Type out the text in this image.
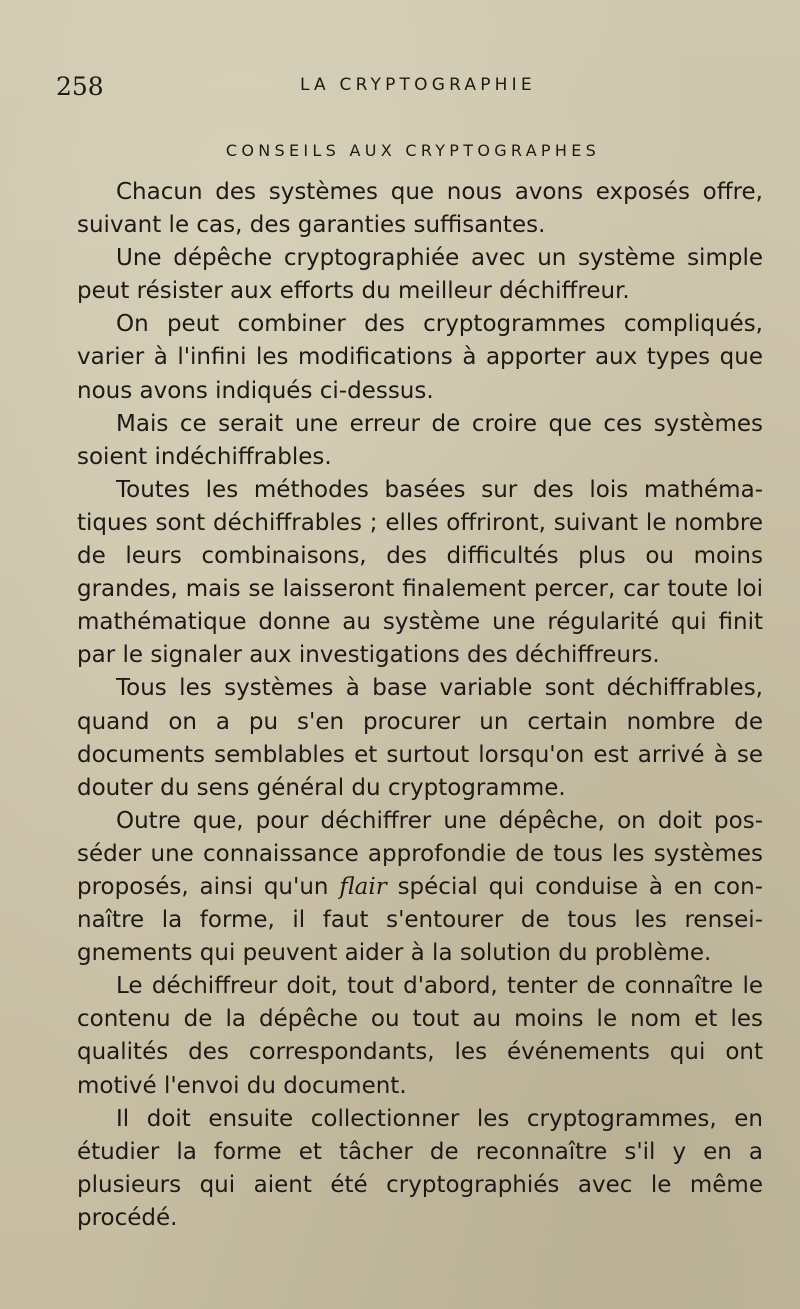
258	LA CRYPTOGRAPHIE
CONSEILS AUX CRYPTOGRAPHES

Chacun des systèmes que nous avons exposés offre, suivant le cas, des garanties suffisantes.

Une dépêche cryptographiée avec un système simple peut résister aux efforts du meilleur déchiffreur.

On peut combiner des cryptogrammes compliqués, varier à l'infini les modifications à apporter aux types que nous avons indiqués ci-dessus.

Mais ce serait une erreur de croire que ces systèmes soient indéchiffrables.

Toutes les méthodes basées sur des lois mathématiques sont déchiffrables ; elles offriront, suivant le nombre de leurs combinaisons, des difficultés plus ou moins grandes, mais se laisseront finalement percer, car toute loi mathématique donne au système une régularité qui finit par le signaler aux investigations des déchiffreurs.

Tous les systèmes à base variable sont déchiffrables, quand on a pu s'en procurer un certain nombre de documents semblables et surtout lorsqu'on est arrivé à se douter du sens général du cryptogramme.

Outre que, pour déchiffrer une dépêche, on doit posséder une connaissance approfondie de tous les systèmes proposés, ainsi qu'un flair spécial qui conduise à en connaître la forme, il faut s'entourer de tous les renseignements qui peuvent aider à la solution du problème.

Le déchiffreur doit, tout d'abord, tenter de connaître le contenu de la dépêche ou tout au moins le nom et les qualités des correspondants, les événements qui ont motivé l'envoi du document.

Il doit ensuite collectionner les cryptogrammes, en étudier la forme et tâcher de reconnaître s'il y en a plusieurs qui aient été cryptographiés avec le même procédé.
